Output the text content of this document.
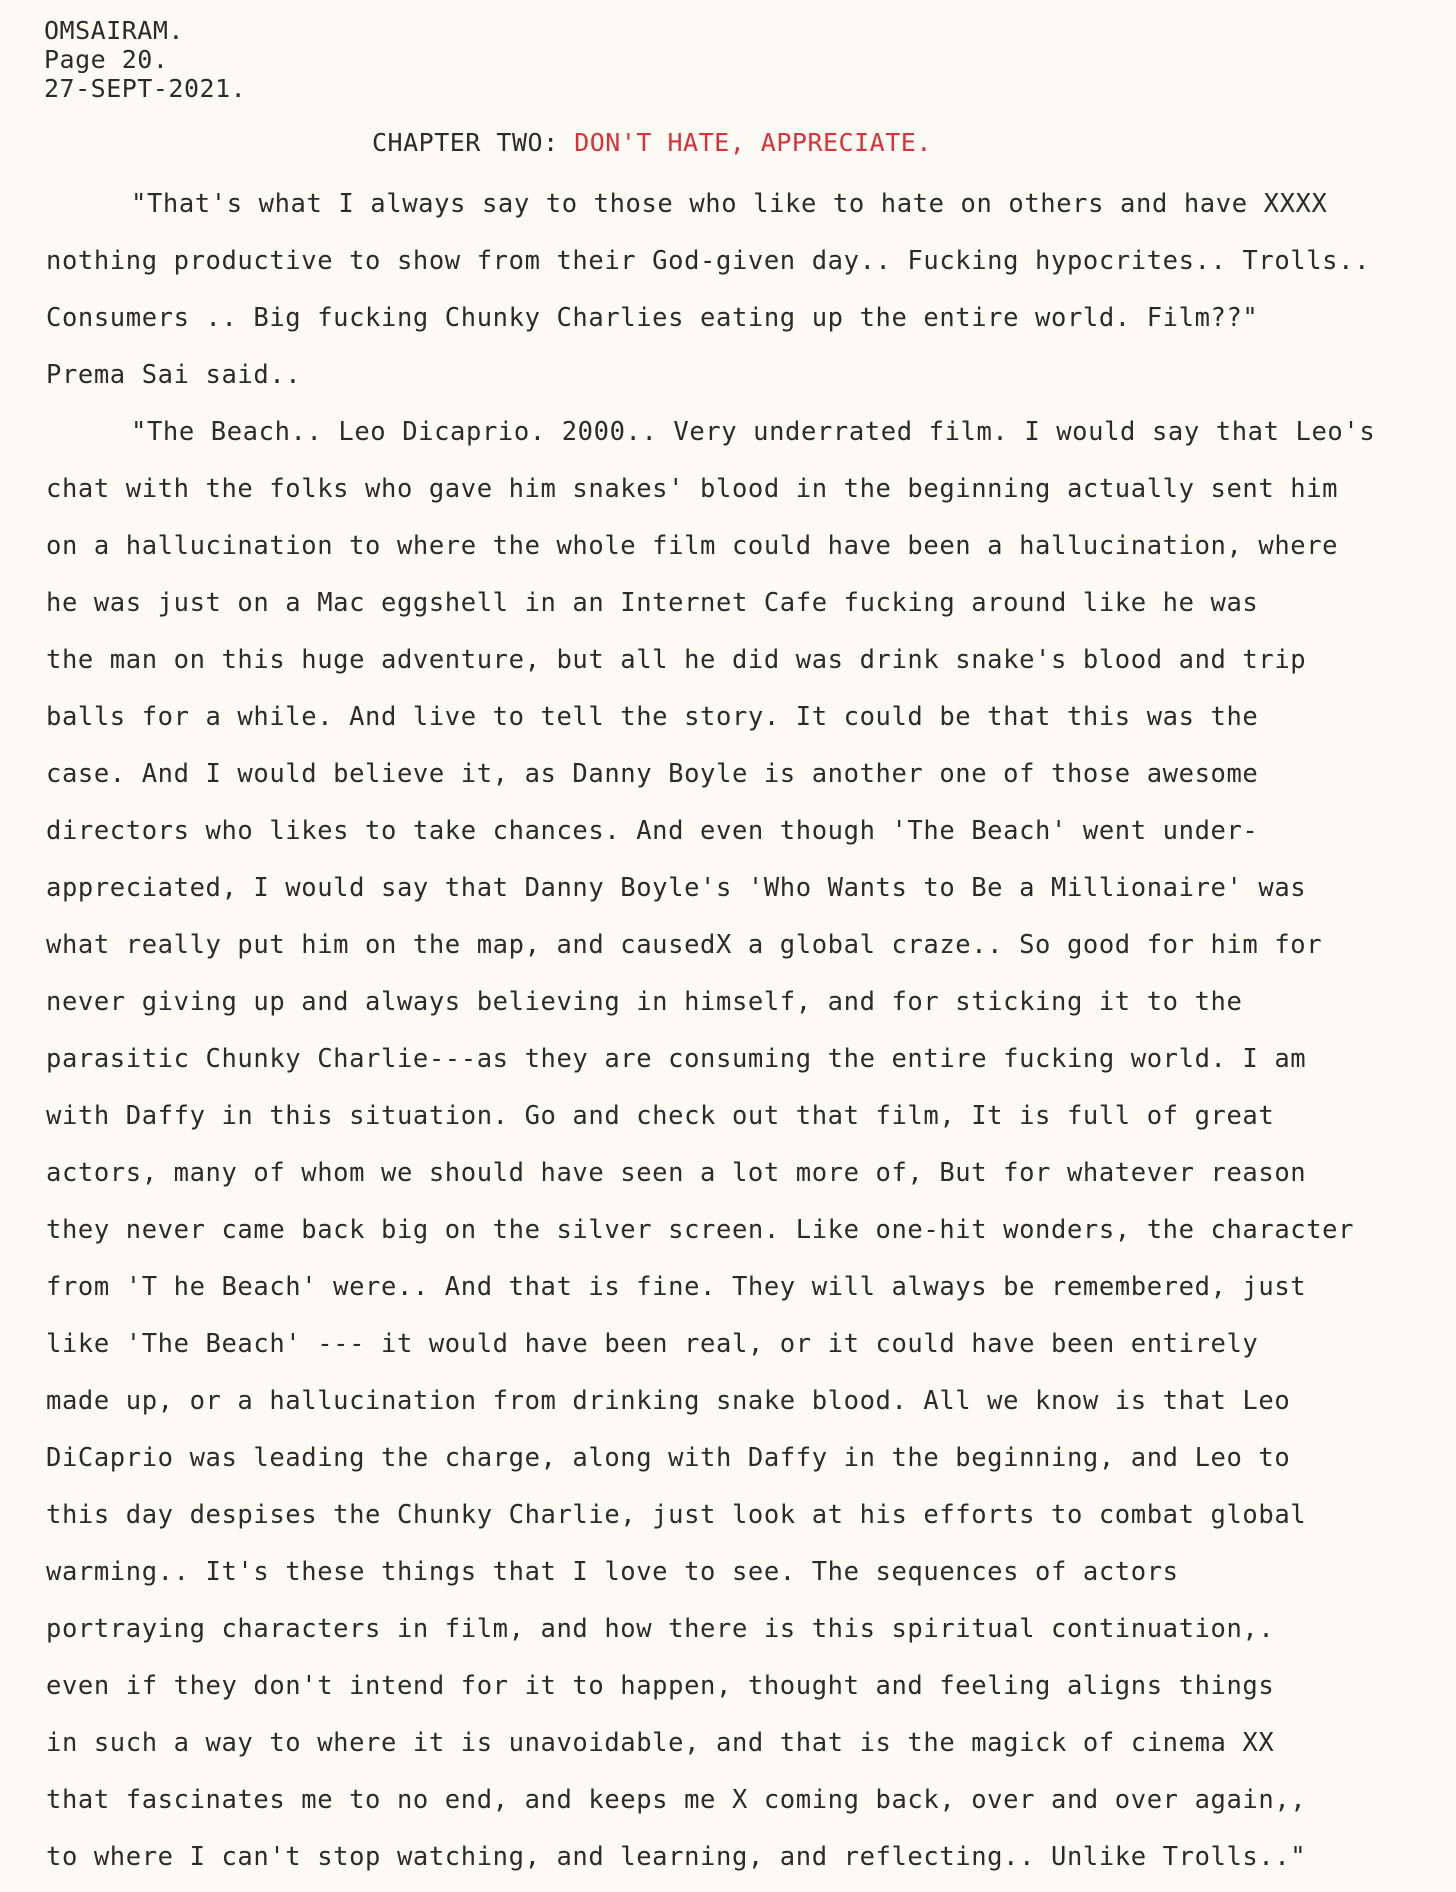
OMSAIRAM.
Page 20.
27-SEPT-2021.
CHAPTER TWO: DON'T HATE, APPRECIATE.
"That's what I always say to those who like to hate on others and have XXXX
nothing productive to show from their God-given day.. Fucking hypocrites.. Trolls..
Consumers .. Big fucking Chunky Charlies eating up the entire world. Film??"
Prema Sai said..
"The Beach.. Leo Dicaprio. 2000.. Very underrated film. I would say that Leo's
chat with the folks who gave him snakes' blood in the beginning actually sent him
on a hallucination to where the whole film could have been a hallucination, where
he was just on a Mac eggshell in an Internet Cafe fucking around like he was
the man on this huge adventure, but all he did was drink snake's blood and trip
balls for a while. And live to tell the story. It could be that this was the
case. And I would believe it, as Danny Boyle is another one of those awesome
directors who likes to take chances. And even though 'The Beach' went under-
appreciated, I would say that Danny Boyle's 'Who Wants to Be a Millionaire' was
what really put him on the map, and causedX a global craze.. So good for him for
never giving up and always believing in himself, and for sticking it to the
parasitic Chunky Charlie---as they are consuming the entire fucking world. I am
with Daffy in this situation. Go and check out that film, It is full of great
actors, many of whom we should have seen a lot more of, But for whatever reason
they never came back big on the silver screen. Like one-hit wonders, the character
from 'T he Beach' were.. And that is fine. They will always be remembered, just
like 'The Beach' --- it would have been real, or it could have been entirely
made up, or a hallucination from drinking snake blood. All we know is that Leo
DiCaprio was leading the charge, along with Daffy in the beginning, and Leo to
this day despises the Chunky Charlie, just look at his efforts to combat global
warming.. It's these things that I love to see. The sequences of actors
portraying characters in film, and how there is this spiritual continuation,.
even if they don't intend for it to happen, thought and feeling aligns things
in such a way to where it is unavoidable, and that is the magick of cinema XX
that fascinates me to no end, and keeps me X coming back, over and over again,,
to where I can't stop watching, and learning, and reflecting.. Unlike Trolls.."
